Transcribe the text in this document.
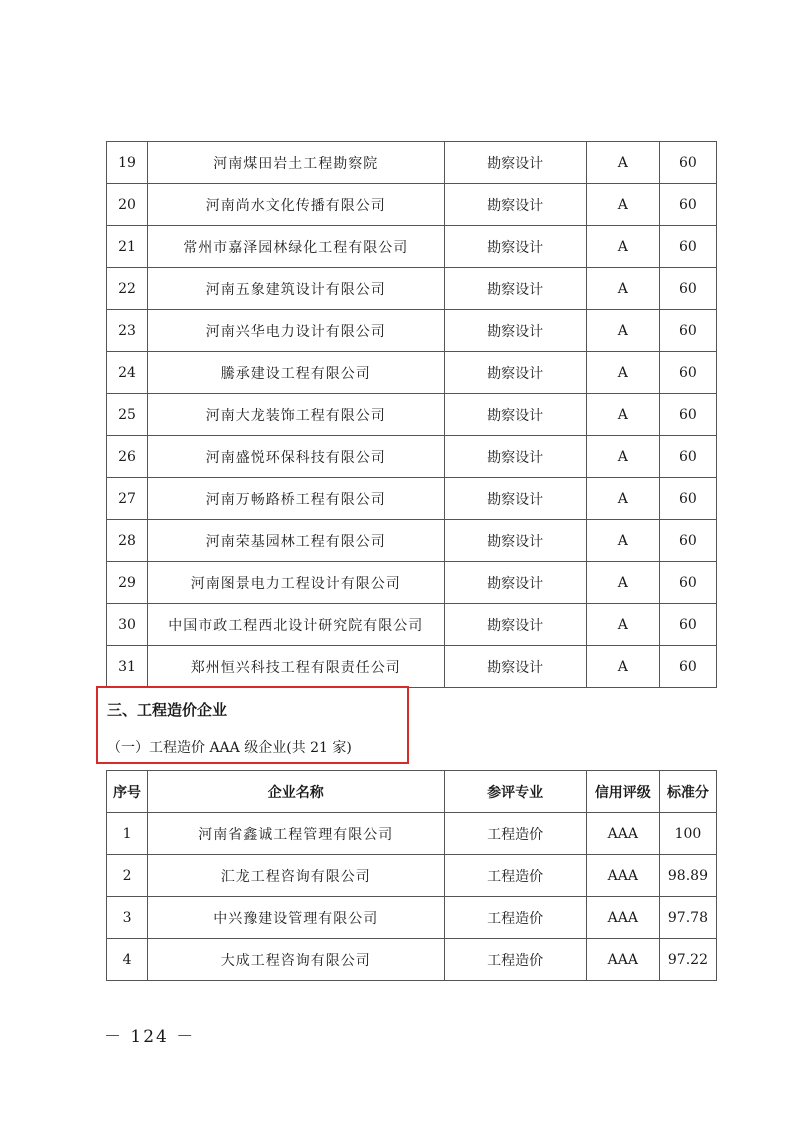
19	河南煤田岩土工程勘察院	勘察设计	A	60
20	河南尚水文化传播有限公司	勘察设计	A	60
21	常州市嘉泽园林绿化工程有限公司	勘察设计	A	60
22	河南五象建筑设计有限公司	勘察设计	A	60
23	河南兴华电力设计有限公司	勘察设计	A	60
24	騰承建设工程有限公司	勘察设计	A	60
25	河南大龙装饰工程有限公司	勘察设计	A	60
26	河南盛悦环保科技有限公司	勘察设计	A	60
27	河南万畅路桥工程有限公司	勘察设计	A	60
28	河南荣基园林工程有限公司	勘察设计	A	60
29	河南图景电力工程设计有限公司	勘察设计	A	60
30	中国市政工程西北设计研究院有限公司	勘察设计	A	60
31	郑州恒兴科技工程有限责任公司	勘察设计	A	60
三、工程造价企业
（一）工程造价 AAA 级企业(共 21 家)
序号	企业名称	参评专业	信用评级	标准分
1	河南省鑫诚工程管理有限公司	工程造价	AAA	100
2	汇龙工程咨询有限公司	工程造价	AAA	98.89
3	中兴豫建设管理有限公司	工程造价	AAA	97.78
4	大成工程咨询有限公司	工程造价	AAA	97.22
－ 124 －
